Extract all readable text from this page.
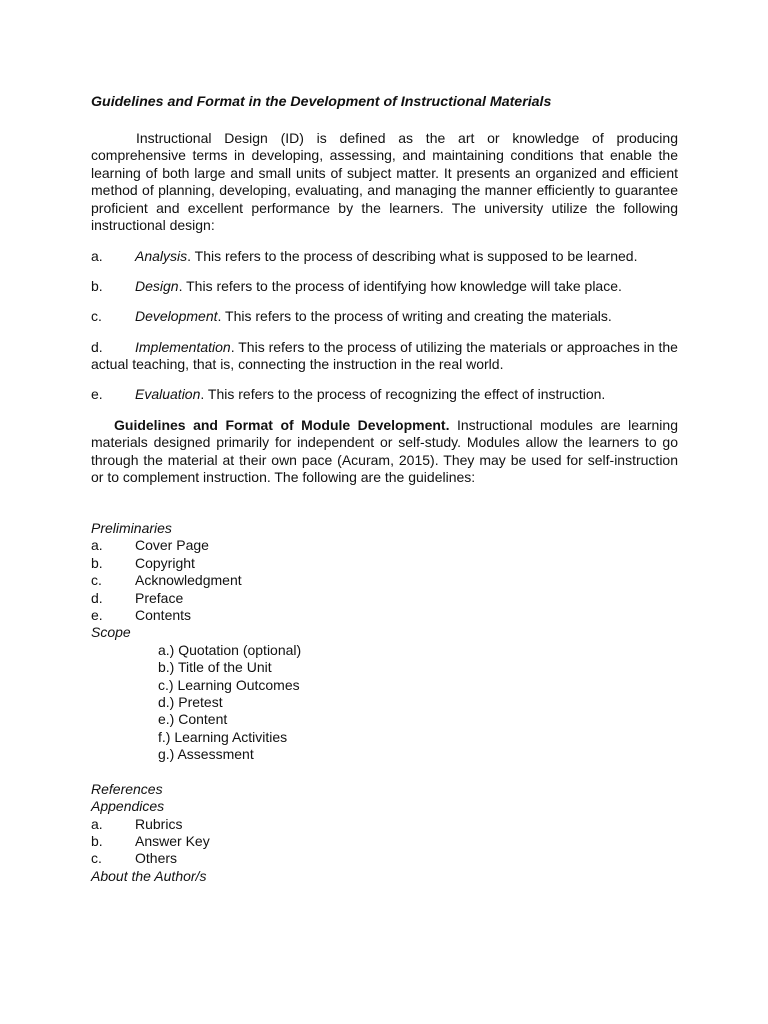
Guidelines and Format in the Development of Instructional Materials

Instructional Design (ID) is defined as the art or knowledge of producing comprehensive terms in developing, assessing, and maintaining conditions that enable the learning of both large and small units of subject matter. It presents an organized and efficient method of planning, developing, evaluating, and managing the manner efficiently to guarantee proficient and excellent performance by the learners. The university utilize the following instructional design:

a. Analysis. This refers to the process of describing what is supposed to be learned.

b. Design. This refers to the process of identifying how knowledge will take place.

c. Development. This refers to the process of writing and creating the materials.

d. Implementation. This refers to the process of utilizing the materials or approaches in the actual teaching, that is, connecting the instruction in the real world.

e. Evaluation. This refers to the process of recognizing the effect of instruction.

Guidelines and Format of Module Development. Instructional modules are learning materials designed primarily for independent or self-study. Modules allow the learners to go through the material at their own pace (Acuram, 2015). They may be used for self-instruction or to complement instruction. The following are the guidelines:

Preliminaries
a. Cover Page
b. Copyright
c. Acknowledgment
d. Preface
e. Contents
Scope
a.) Quotation (optional)
b.) Title of the Unit
c.) Learning Outcomes
d.) Pretest
e.) Content
f.) Learning Activities
g.) Assessment
References
Appendices
a. Rubrics
b. Answer Key
c. Others
About the Author/s
